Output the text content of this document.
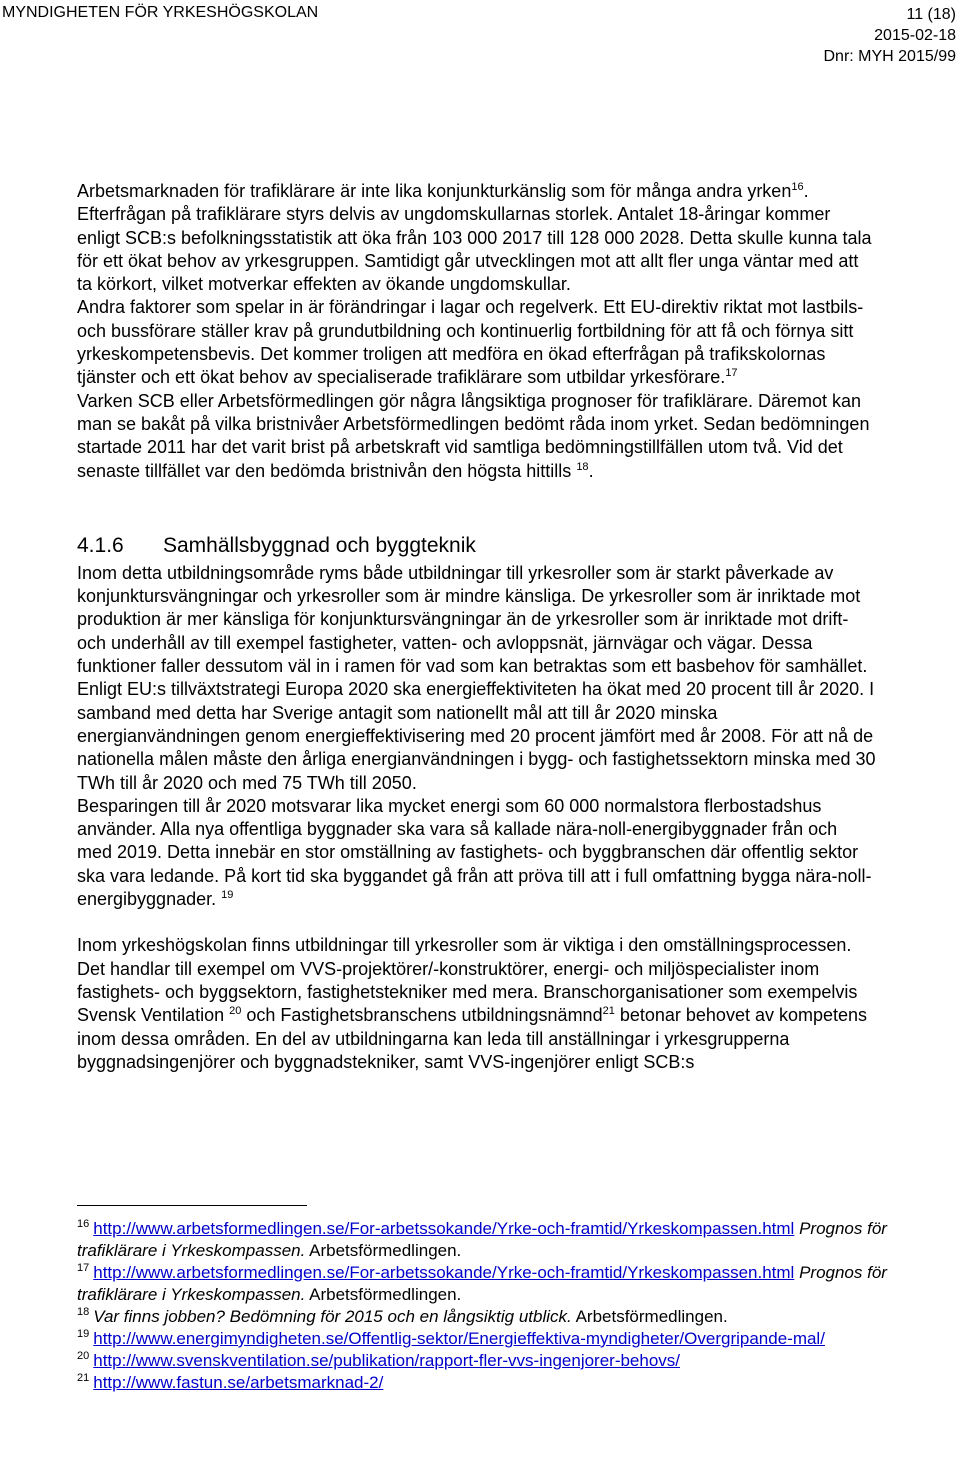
MYNDIGHETEN FÖR YRKESHÖGSKOLAN	11 (18)
2015-02-18
Dnr: MYH 2015/99

Arbetsmarknaden för trafiklärare är inte lika konjunkturkänslig som för många andra yrken$^{16}$. Efterfrågan på trafiklärare styrs delvis av ungdomskullarnas storlek. Antalet 18-åringar kommer enligt SCB:s befolkningsstatistik att öka från 103 000 2017 till 128 000 2028. Detta skulle kunna tala för ett ökat behov av yrkesgruppen. Samtidigt går utvecklingen mot att allt fler unga väntar med att ta körkort, vilket motverkar effekten av ökande ungdomskullar.

Andra faktorer som spelar in är förändringar i lagar och regelverk. Ett EU-direktiv riktat mot lastbils- och bussförare ställer krav på grundutbildning och kontinuerlig fortbildning för att få och förnya sitt yrkeskompetensbevis. Det kommer troligen att medföra en ökad efterfrågan på trafikskolornas tjänster och ett ökat behov av specialiserade trafiklärare som utbildar yrkesförare.$^{17}$

Varken SCB eller Arbetsförmedlingen gör några långsiktiga prognoser för trafiklärare. Däremot kan man se bakåt på vilka bristnivåer Arbetsförmedlingen bedömt råda inom yrket. Sedan bedömningen startade 2011 har det varit brist på arbetskraft vid samtliga bedömningstillfällen utom två. Vid det senaste tillfället var den bedömda bristnivån den högsta hittills $^{18}$.

4.1.6 Samhällsbyggnad och byggteknik

Inom detta utbildningsområde ryms både utbildningar till yrkesroller som är starkt påverkade av konjunktursvängningar och yrkesroller som är mindre känsliga. De yrkesroller som är inriktade mot produktion är mer känsliga för konjunktursvängningar än de yrkesroller som är inriktade mot drift- och underhåll av till exempel fastigheter, vatten- och avloppsnät, järnvägar och vägar. Dessa funktioner faller dessutom väl in i ramen för vad som kan betraktas som ett basbehov för samhället.

Enligt EU:s tillväxtstrategi Europa 2020 ska energieffektiviteten ha ökat med 20 procent till år 2020. I samband med detta har Sverige antagit som nationellt mål att till år 2020 minska energianvändningen genom energieffektivisering med 20 procent jämfört med år 2008. För att nå de nationella målen måste den årliga energianvändningen i bygg- och fastighetssektorn minska med 30 TWh till år 2020 och med 75 TWh till 2050.

Besparingen till år 2020 motsvarar lika mycket energi som 60 000 normalstora flerbostadshus använder. Alla nya offentliga byggnader ska vara så kallade nära-noll-energibyggnader från och med 2019. Detta innebär en stor omställning av fastighets- och byggbranschen där offentlig sektor ska vara ledande. På kort tid ska byggandet gå från att pröva till att i full omfattning bygga nära-noll-energibyggnader. $^{19}$

Inom yrkeshögskolan finns utbildningar till yrkesroller som är viktiga i den omställningsprocessen. Det handlar till exempel om VVS-projektörer/-konstruktörer, energi- och miljöspecialister inom fastighets- och byggsektorn, fastighetstekniker med mera. Branschorganisationer som exempelvis Svensk Ventilation $^{20}$ och Fastighetsbranschens utbildningsnämnd$^{21}$ betonar behovet av kompetens inom dessa områden. En del av utbildningarna kan leda till anställningar i yrkesgrupperna byggnadsingenjörer och byggnadstekniker, samt VVS-ingenjörer enligt SCB:s

$^{16}$ http://www.arbetsformedlingen.se/For-arbetssokande/Yrke-och-framtid/Yrkeskompassen.html Prognos för trafiklärare i Yrkeskompassen. Arbetsförmedlingen.

$^{17}$ http://www.arbetsformedlingen.se/For-arbetssokande/Yrke-och-framtid/Yrkeskompassen.html Prognos för trafiklärare i Yrkeskompassen. Arbetsförmedlingen.

$^{18}$ Var finns jobben? Bedömning för 2015 och en långsiktig utblick. Arbetsförmedlingen.

$^{19}$ http://www.energimyndigheten.se/Offentlig-sektor/Energieffektiva-myndigheter/Overgripande-mal/

$^{20}$ http://www.svenskventilation.se/publikation/rapport-fler-vvs-ingenjorer-behovs/

$^{21}$ http://www.fastun.se/arbetsmarknad-2/
